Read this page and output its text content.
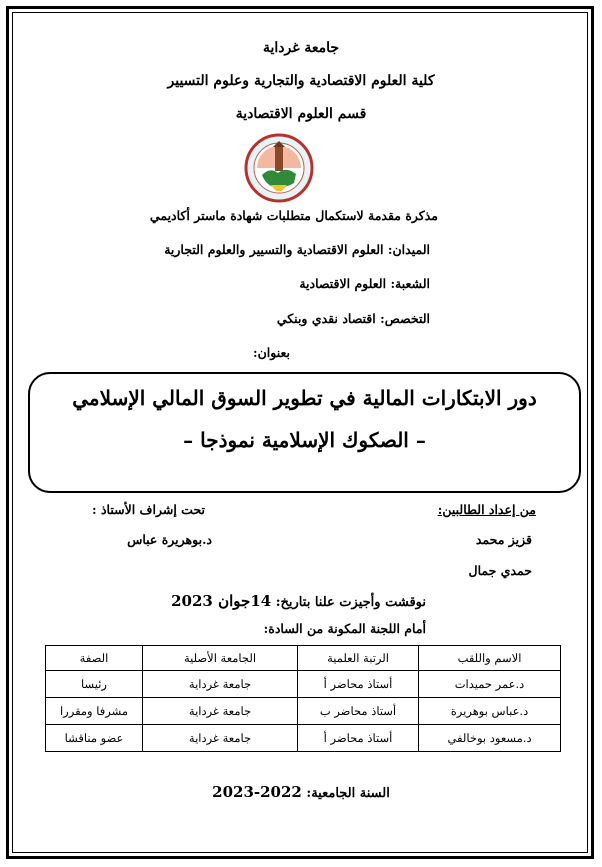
جامعة غرداية
كلية العلوم الاقتصادية والتجارية وعلوم التسيير
قسم العلوم الاقتصادية
مذكرة مقدمة لاستكمال متطلبات شهادة ماستر أكاديمي
الميدان: العلوم الاقتصادية والتسيير والعلوم التجارية
الشعبة: العلوم الاقتصادية
التخصص: اقتصاد نقدي وبنكي
بعنوان:
دور الابتكارات المالية في تطوير السوق المالي الإسلامي
– الصكوك الإسلامية نموذجا –
من إعداد الطالبين:
قزيز محمد
حمدي جمال
تحت إشراف الأستاذ :
د.بوهريرة عباس
نوقشت وأجيزت علنا بتاريخ: 14جوان 2023
أمام اللجنة المكونة من السادة:
الاسم واللقب	الرتبة العلمية	الجامعة الأصلية	الصفة
د.عمر حميدات	أستاذ محاضر أ	جامعة غرداية	رئيسا
د.عباس بوهريرة	أستاذ محاضر ب	جامعة غرداية	مشرفا ومقررا
د.مسعود بوخالفي	أستاذ محاضر أ	جامعة غرداية	عضو مناقشا
السنة الجامعية: 2023-2022
